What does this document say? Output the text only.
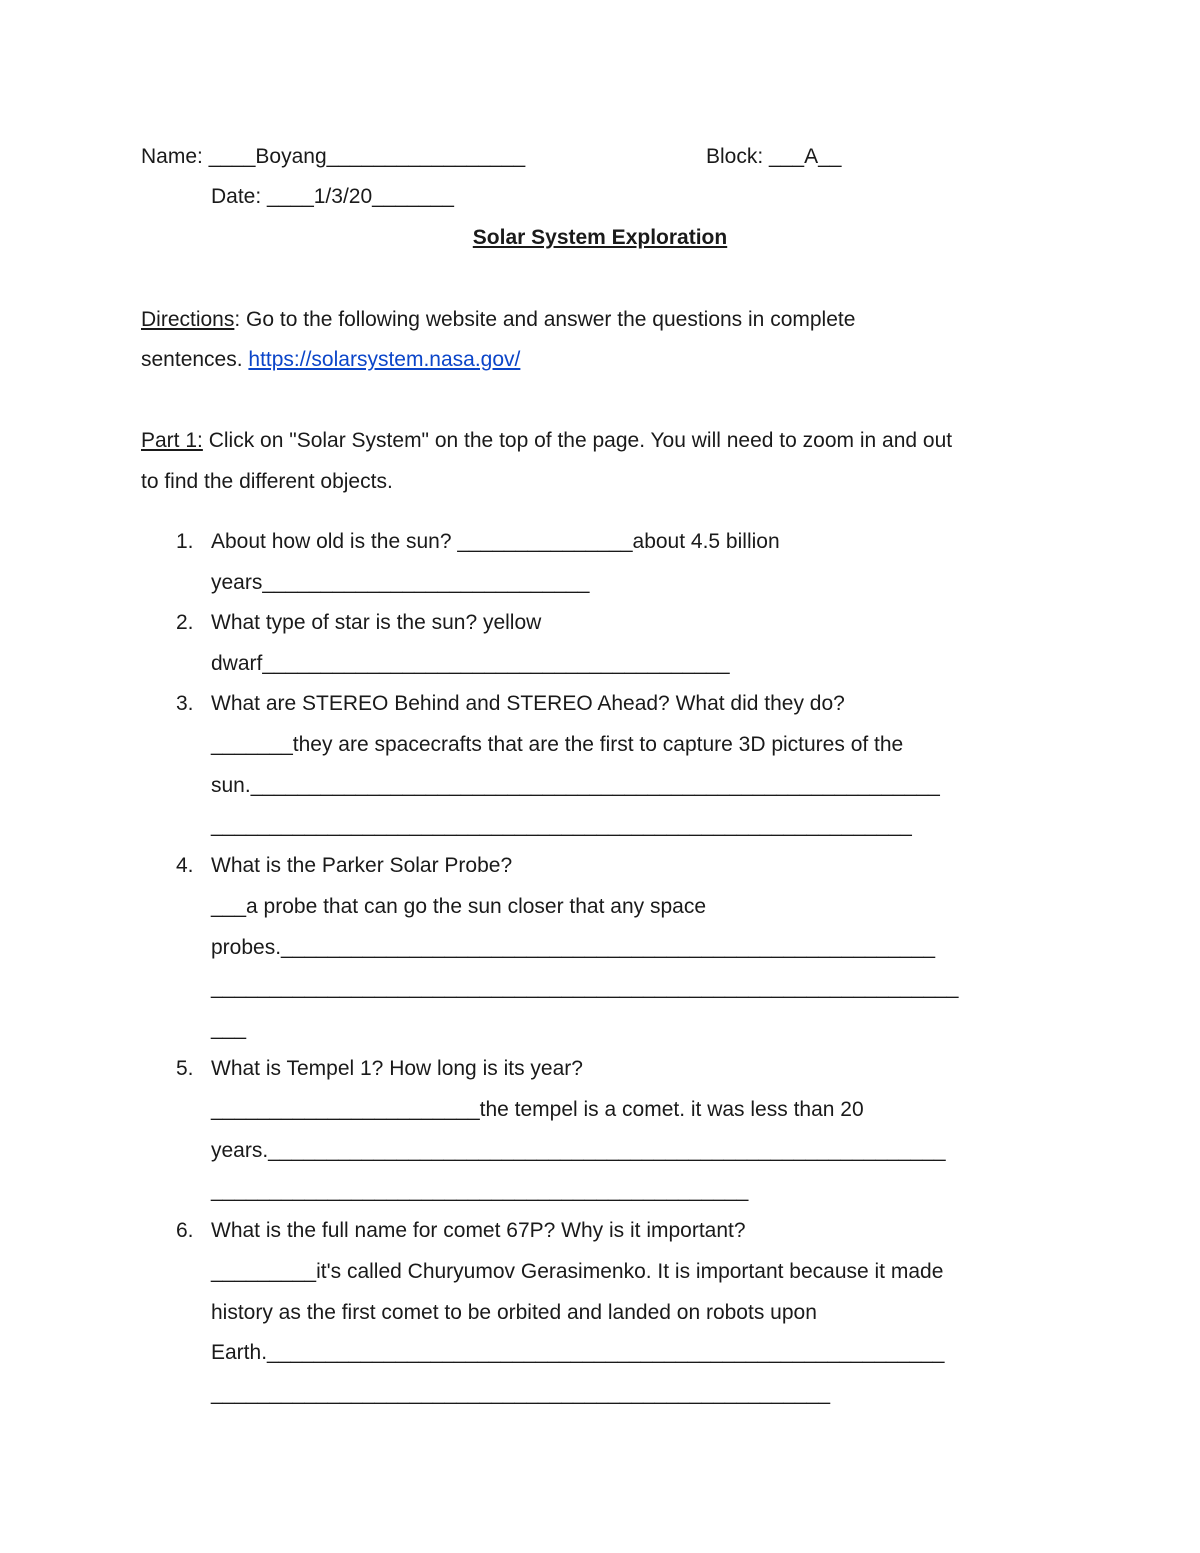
Name: ____Boyang_________________	Block: ___A__
Date: ____1/3/20_______
Solar System Exploration
Directions: Go to the following website and answer the questions in complete
sentences. https://solarsystem.nasa.gov/
Part 1: Click on "Solar System" on the top of the page. You will need to zoom in and out
to find the different objects.
1. About how old is the sun? _______________about 4.5 billion
years____________________________
2. What type of star is the sun? yellow
dwarf________________________________________
3. What are STEREO Behind and STEREO Ahead? What did they do?
_______they are spacecrafts that are the first to capture 3D pictures of the
sun.___________________________________________________________
____________________________________________________________
4. What is the Parker Solar Probe?
___a probe that can go the sun closer that any space
probes.________________________________________________________
________________________________________________________________
___
5. What is Tempel 1? How long is its year?
_______________________the tempel is a comet. it was less than 20
years.__________________________________________________________
______________________________________________
6. What is the full name for comet 67P? Why is it important?
_________it's called Churyumov Gerasimenko. It is important because it made
history as the first comet to be orbited and landed on robots upon
Earth.__________________________________________________________
_____________________________________________________
